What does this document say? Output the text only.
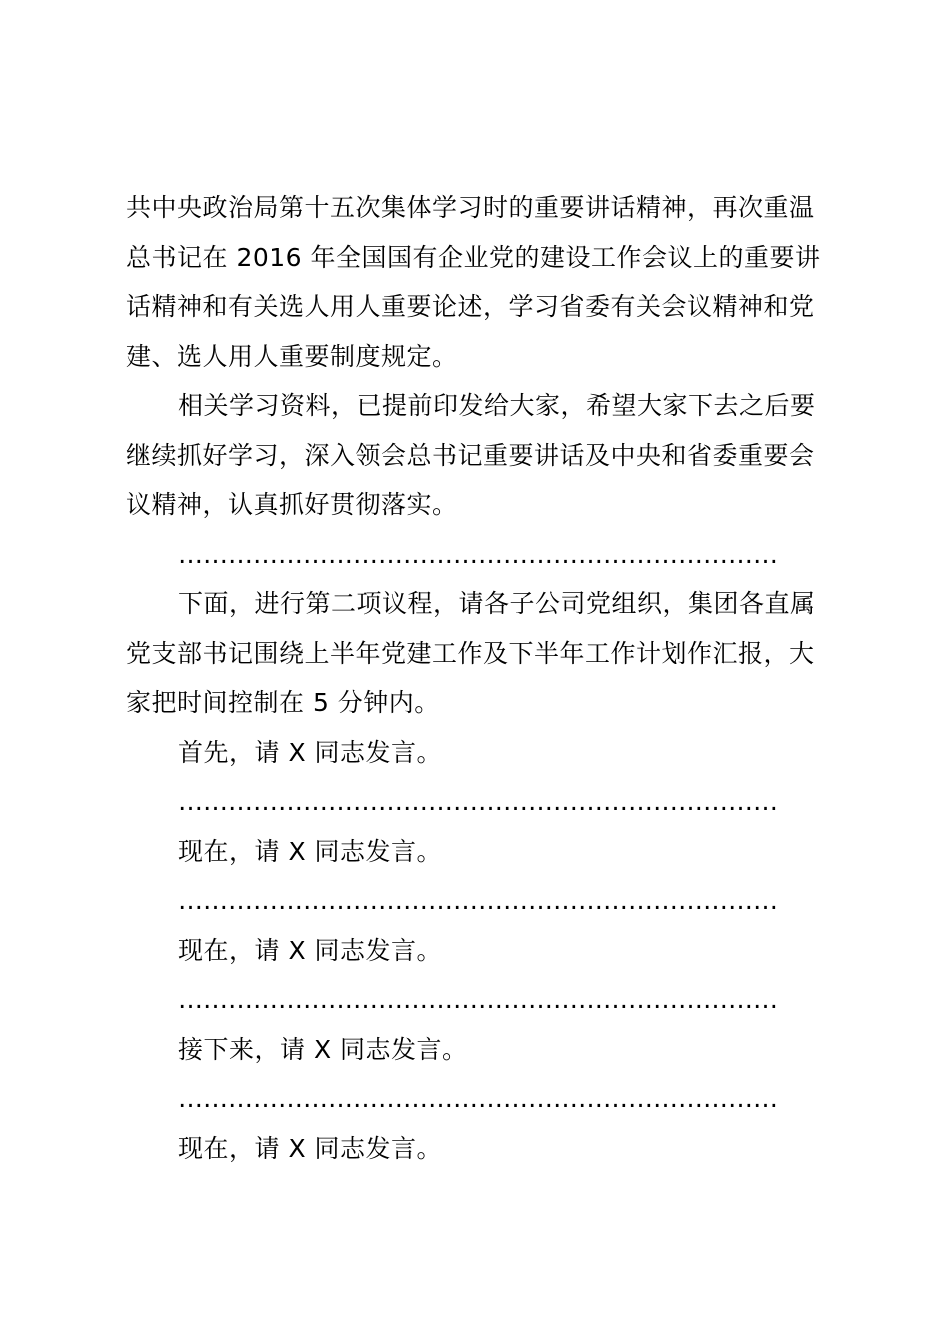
共中央政治局第十五次集体学习时的重要讲话精神，再次重温
总书记在 2016 年全国国有企业党的建设工作会议上的重要讲
话精神和有关选人用人重要论述，学习省委有关会议精神和党
建、选人用人重要制度规定。
相关学习资料，已提前印发给大家，希望大家下去之后要
继续抓好学习，深入领会总书记重要讲话及中央和省委重要会
议精神，认真抓好贯彻落实。
………………………………………………………………
下面，进行第二项议程，请各子公司党组织，集团各直属
党支部书记围绕上半年党建工作及下半年工作计划作汇报，大
家把时间控制在 5 分钟内。
首先，请 X 同志发言。
………………………………………………………………
现在，请 X 同志发言。
………………………………………………………………
现在，请 X 同志发言。
………………………………………………………………
接下来，请 X 同志发言。
………………………………………………………………
现在，请 X 同志发言。
